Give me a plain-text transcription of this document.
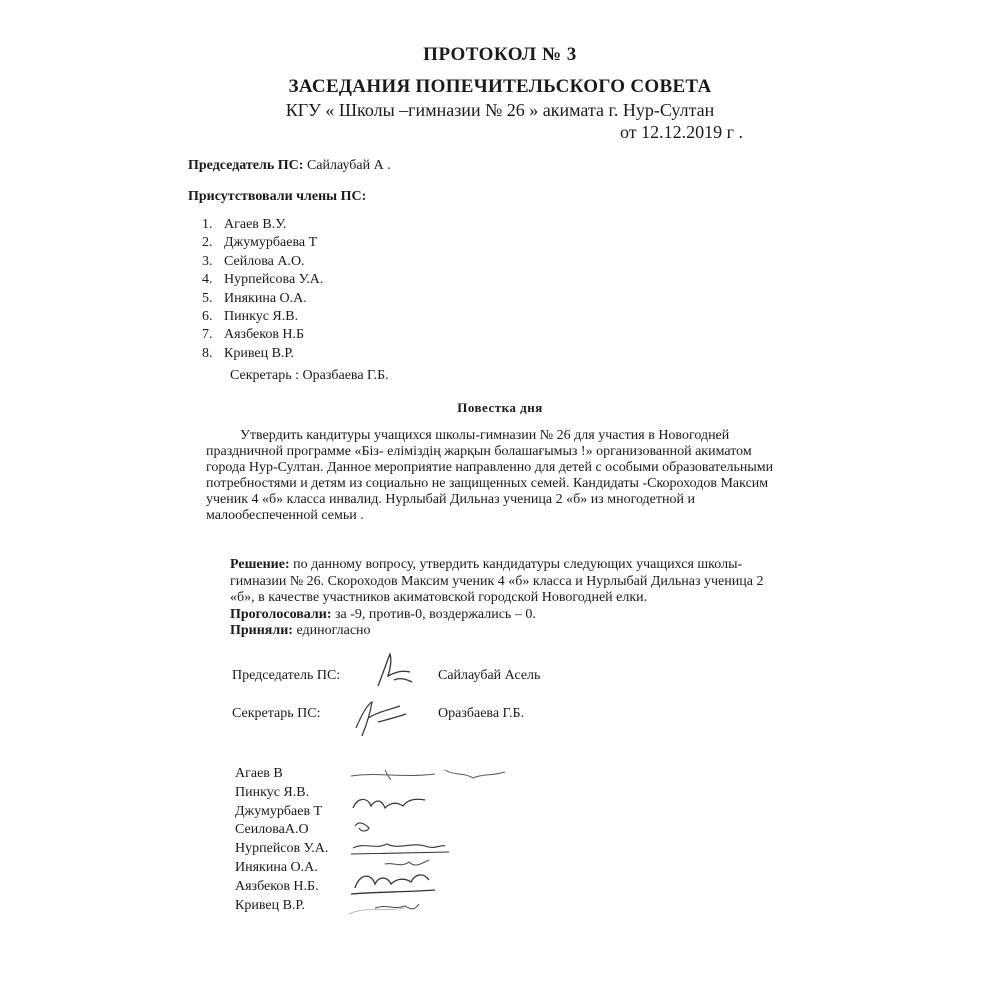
ПРОТОКОЛ № 3
ЗАСЕДАНИЯ ПОПЕЧИТЕЛЬСКОГО СОВЕТА
КГУ « Школы –гимназии № 26 » акимата г. Нур-Султан
от 12.12.2019 г .
Председатель ПС: Сайлаубай А .
Присутствовали члены ПС:
1. Агаев В.У.
2. Джумурбаева Т
3. Сейлова А.О.
4. Нурпейсова У.А.
5. Инякина О.А.
6. Пинкус Я.В.
7. Аязбеков Н.Б
8. Кривец В.Р.
Секретарь : Оразбаева Г.Б.
Повестка дня
Утвердить кандитуры учащихся школы-гимназии № 26 для участия в Новогодней
праздничной программе «Біз- еліміздің жарқын болашағымыз !» организованной акиматом
города Нур-Султан. Данное мероприятие направленно для детей с особыми образовательными
потребностями и детям из социально не защищенных семей. Кандидаты -Скороходов Максим
ученик 4 «б» класса инвалид. Нурлыбай Дильназ ученица 2 «б» из многодетной и
малообеспеченной семьи .
Решение: по данному вопросу, утвердить кандидатуры следующих учащихся школы-
гимназии № 26. Скороходов Максим ученик 4 «б» класса и Нурлыбай Дильназ ученица 2
«б», в качестве участников акиматовской городской Новогодней елки.
Проголосовали: за -9, против-0, воздержались – 0.
Приняли: единогласно
Председатель ПС:	Сайлаубай Асель
Секретарь ПС:	Оразбаева Г.Б.
Агаев В
Пинкус Я.В.
Джумурбаев Т
СеиловаА.О
Нурпейсов У.А.
Инякина О.А.
Аязбеков Н.Б.
Кривец В.Р.
